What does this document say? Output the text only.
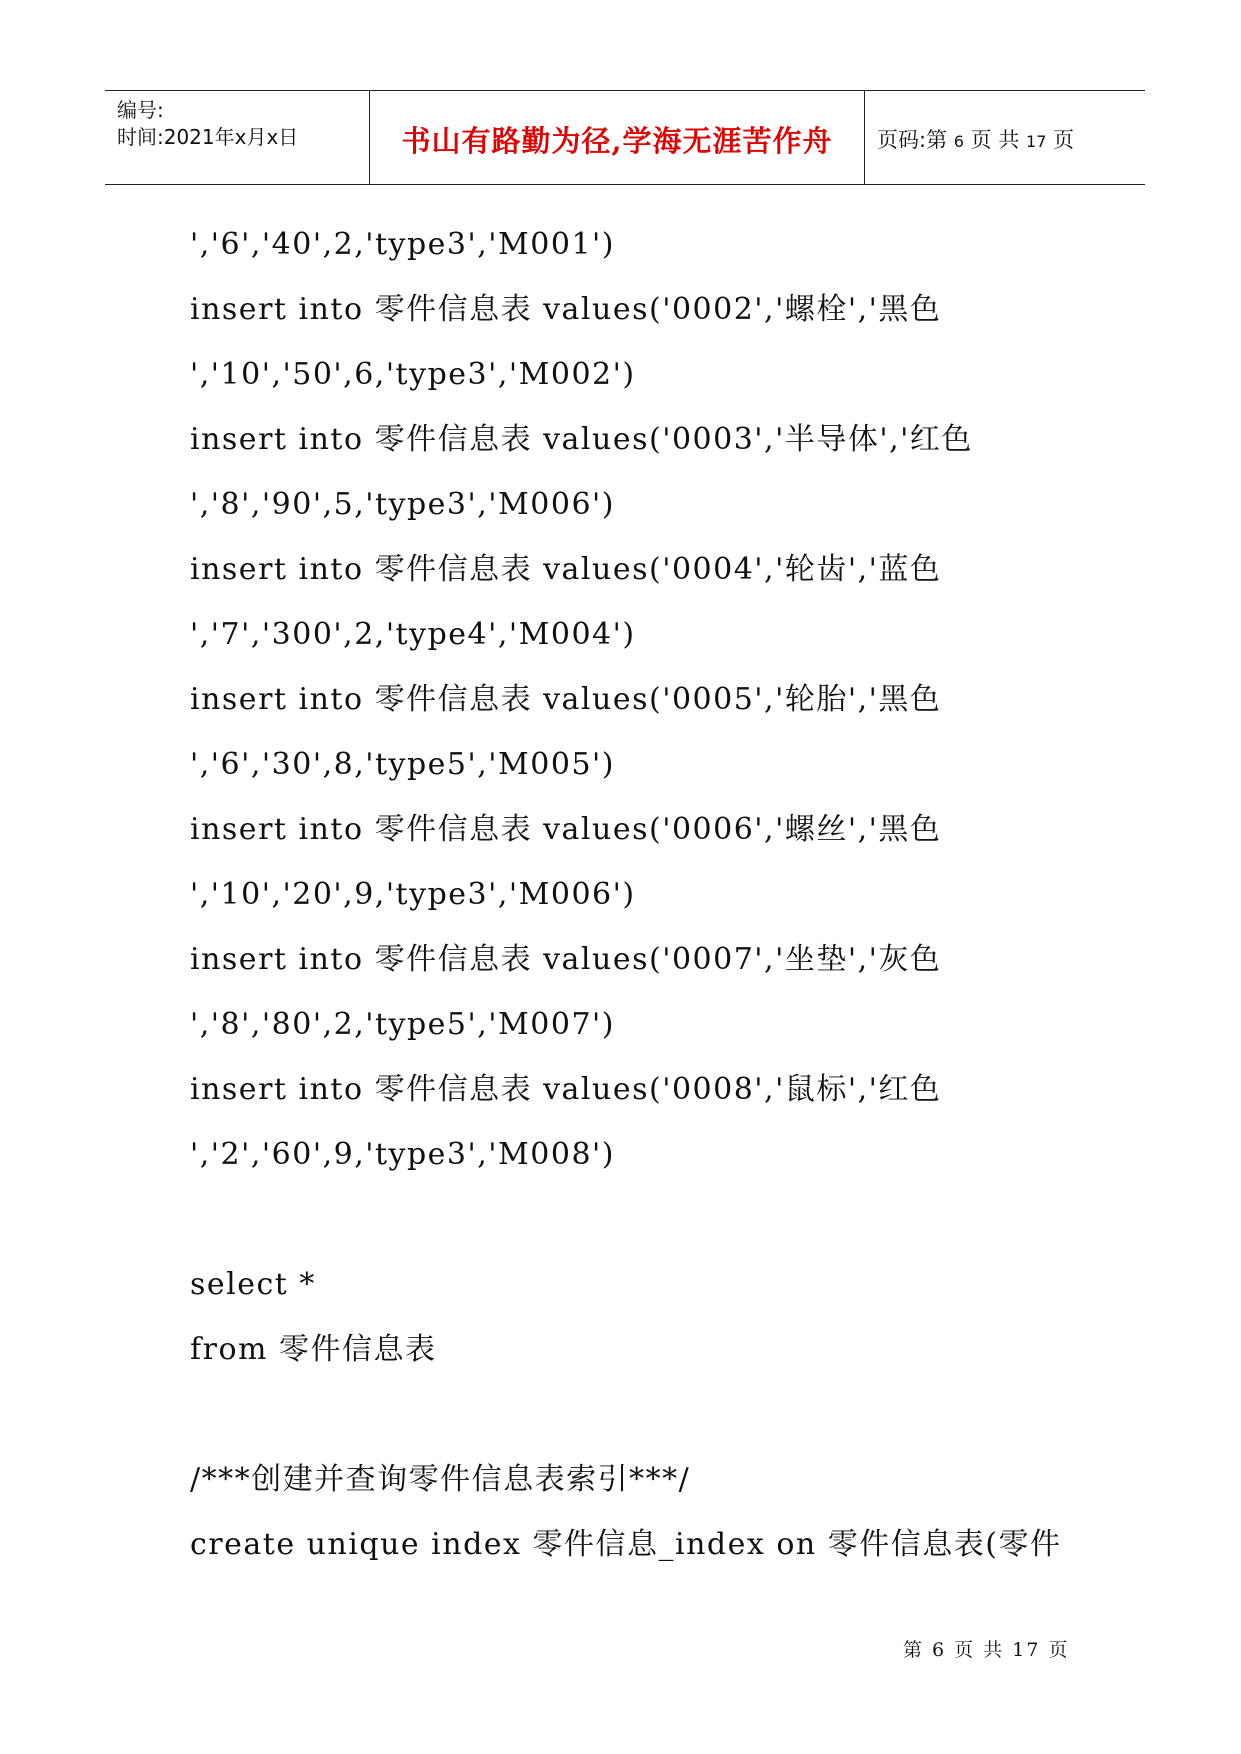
编号:
时间:2021年x月x日	书山有路勤为径,学海无涯苦作舟	页码:第 6 页 共 17 页
','6','40',2,'type3','M001')
insert into 零件信息表 values('0002','螺栓','黑色
','10','50',6,'type3','M002')
insert into 零件信息表 values('0003','半导体','红色
','8','90',5,'type3','M006')
insert into 零件信息表 values('0004','轮齿','蓝色
','7','300',2,'type4','M004')
insert into 零件信息表 values('0005','轮胎','黑色
','6','30',8,'type5','M005')
insert into 零件信息表 values('0006','螺丝','黑色
','10','20',9,'type3','M006')
insert into 零件信息表 values('0007','坐垫','灰色
','8','80',2,'type5','M007')
insert into 零件信息表 values('0008','鼠标','红色
','2','60',9,'type3','M008')
select *
from 零件信息表
/***创建并查询零件信息表索引***/
create unique index 零件信息_index on 零件信息表(零件
第 6 页 共 17 页
